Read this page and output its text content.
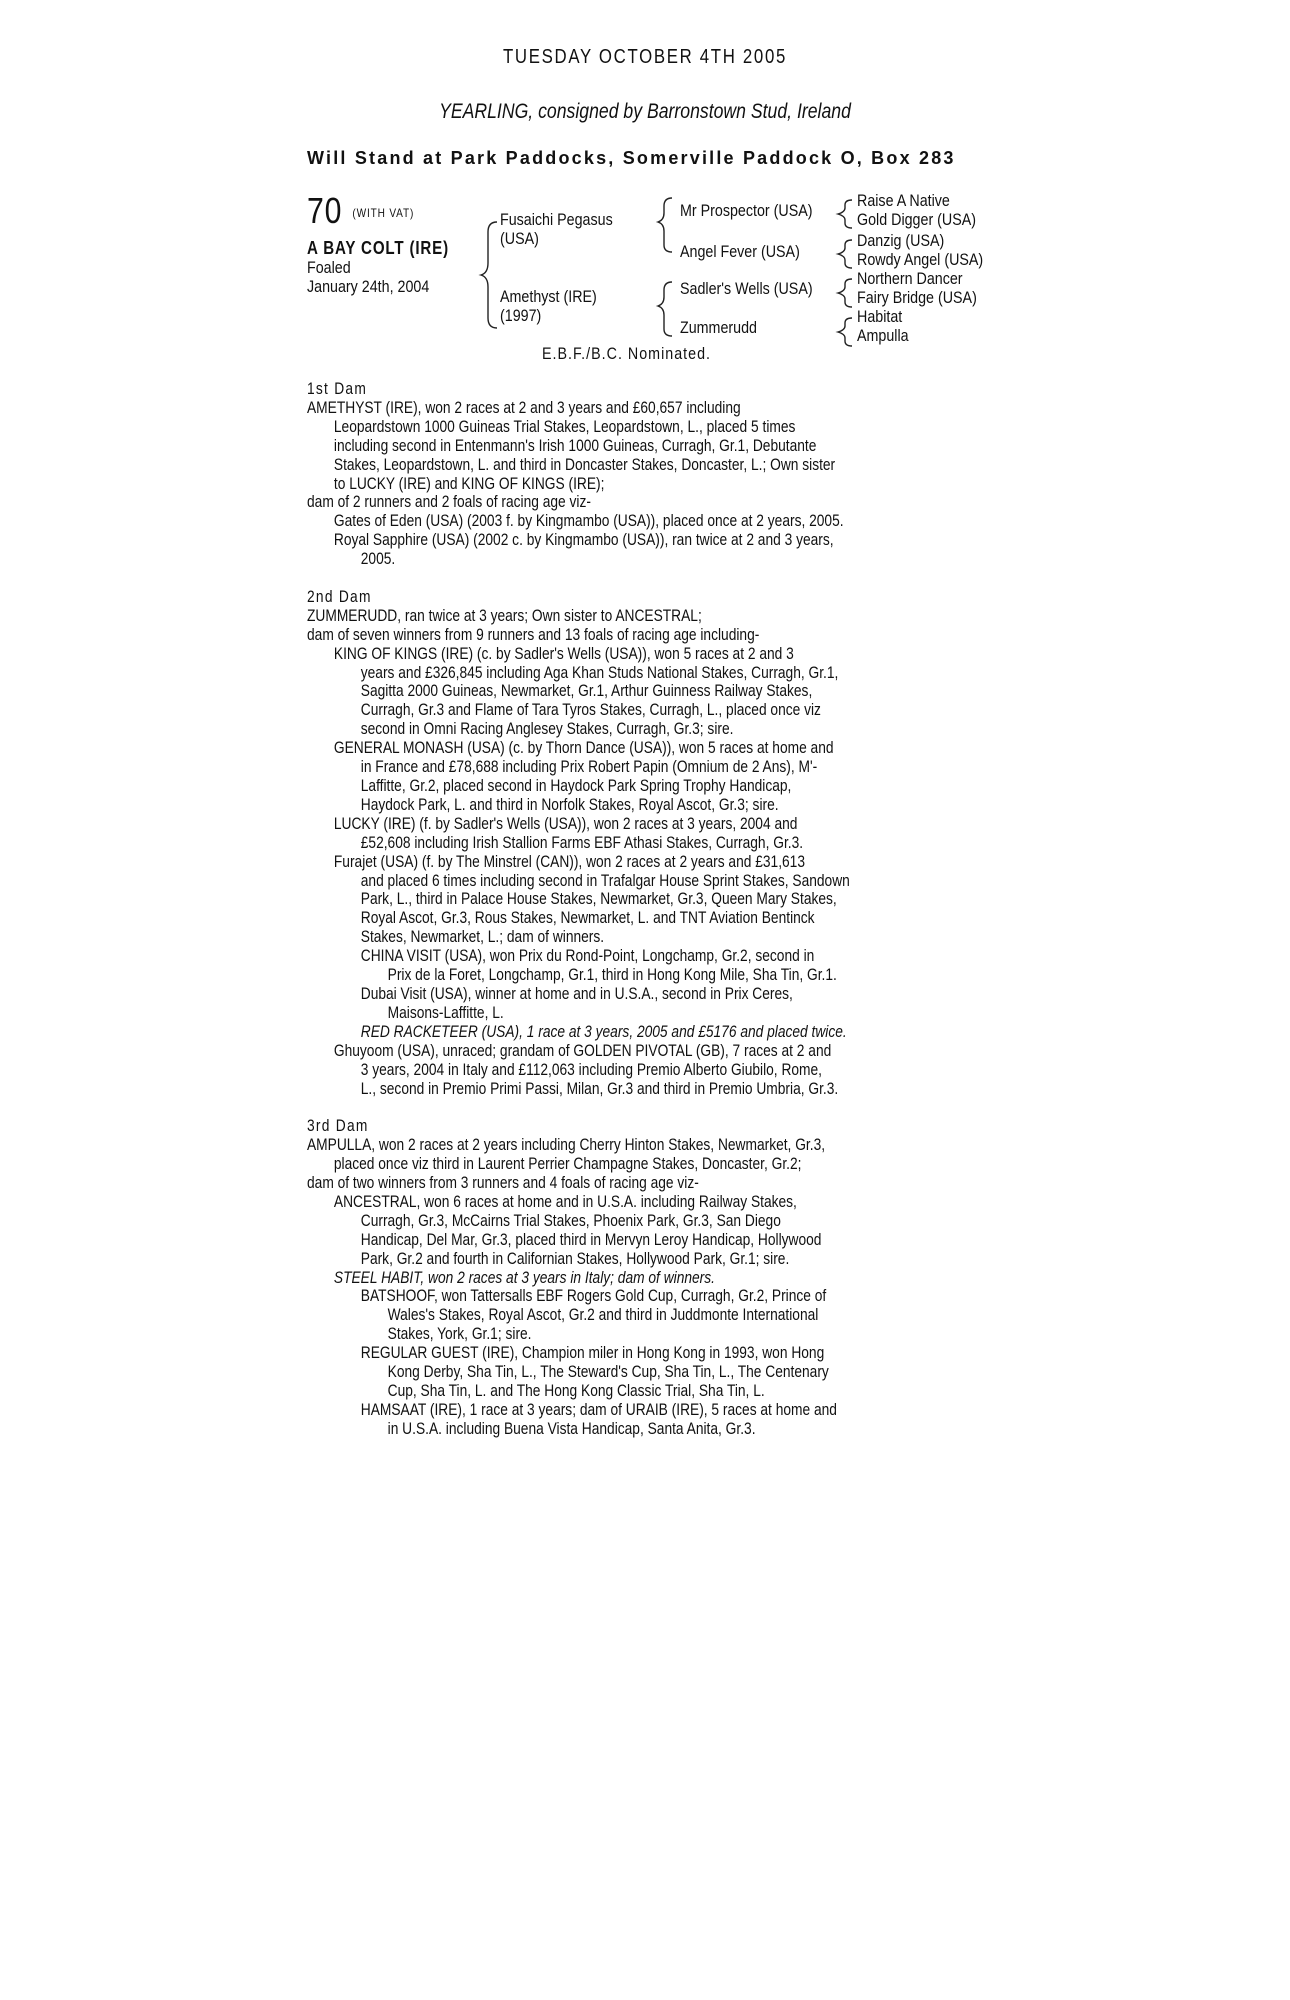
TUESDAY OCTOBER 4TH 2005
YEARLING, consigned by Barronstown Stud, Ireland
Will Stand at Park Paddocks, Somerville Paddock O, Box 283
70 $^{(WITH VAT)}$
A BAY COLT (IRE)
Foaled
January 24th, 2004
Fusaichi Pegasus
(USA)
Amethyst (IRE)
(1997)
Mr Prospector (USA)
Angel Fever (USA)
Sadler's Wells (USA)
Zummerudd
Raise A Native
Gold Digger (USA)
Danzig (USA)
Rowdy Angel (USA)
Northern Dancer
Fairy Bridge (USA)
Habitat
Ampulla
E.B.F./B.C. Nominated.
1st Dam
AMETHYST (IRE), won 2 races at 2 and 3 years and £60,657 including
Leopardstown 1000 Guineas Trial Stakes, Leopardstown, L., placed 5 times
including second in Entenmann's Irish 1000 Guineas, Curragh, Gr.1, Debutante
Stakes, Leopardstown, L. and third in Doncaster Stakes, Doncaster, L.; Own sister
to LUCKY (IRE) and KING OF KINGS (IRE);
dam of 2 runners and 2 foals of racing age viz-
Gates of Eden (USA) (2003 f. by Kingmambo (USA)), placed once at 2 years, 2005.
Royal Sapphire (USA) (2002 c. by Kingmambo (USA)), ran twice at 2 and 3 years,
2005.
2nd Dam
ZUMMERUDD, ran twice at 3 years; Own sister to ANCESTRAL;
dam of seven winners from 9 runners and 13 foals of racing age including-
KING OF KINGS (IRE) (c. by Sadler's Wells (USA)), won 5 races at 2 and 3
years and £326,845 including Aga Khan Studs National Stakes, Curragh, Gr.1,
Sagitta 2000 Guineas, Newmarket, Gr.1, Arthur Guinness Railway Stakes,
Curragh, Gr.3 and Flame of Tara Tyros Stakes, Curragh, L., placed once viz
second in Omni Racing Anglesey Stakes, Curragh, Gr.3; sire.
GENERAL MONASH (USA) (c. by Thorn Dance (USA)), won 5 races at home and
in France and £78,688 including Prix Robert Papin (Omnium de 2 Ans), M'-
Laffitte, Gr.2, placed second in Haydock Park Spring Trophy Handicap,
Haydock Park, L. and third in Norfolk Stakes, Royal Ascot, Gr.3; sire.
LUCKY (IRE) (f. by Sadler's Wells (USA)), won 2 races at 3 years, 2004 and
£52,608 including Irish Stallion Farms EBF Athasi Stakes, Curragh, Gr.3.
Furajet (USA) (f. by The Minstrel (CAN)), won 2 races at 2 years and £31,613
and placed 6 times including second in Trafalgar House Sprint Stakes, Sandown
Park, L., third in Palace House Stakes, Newmarket, Gr.3, Queen Mary Stakes,
Royal Ascot, Gr.3, Rous Stakes, Newmarket, L. and TNT Aviation Bentinck
Stakes, Newmarket, L.; dam of winners.
CHINA VISIT (USA), won Prix du Rond-Point, Longchamp, Gr.2, second in
Prix de la Foret, Longchamp, Gr.1, third in Hong Kong Mile, Sha Tin, Gr.1.
Dubai Visit (USA), winner at home and in U.S.A., second in Prix Ceres,
Maisons-Laffitte, L.
RED RACKETEER (USA), 1 race at 3 years, 2005 and £5176 and placed twice.
Ghuyoom (USA), unraced; grandam of GOLDEN PIVOTAL (GB), 7 races at 2 and
3 years, 2004 in Italy and £112,063 including Premio Alberto Giubilo, Rome,
L., second in Premio Primi Passi, Milan, Gr.3 and third in Premio Umbria, Gr.3.
3rd Dam
AMPULLA, won 2 races at 2 years including Cherry Hinton Stakes, Newmarket, Gr.3,
placed once viz third in Laurent Perrier Champagne Stakes, Doncaster, Gr.2;
dam of two winners from 3 runners and 4 foals of racing age viz-
ANCESTRAL, won 6 races at home and in U.S.A. including Railway Stakes,
Curragh, Gr.3, McCairns Trial Stakes, Phoenix Park, Gr.3, San Diego
Handicap, Del Mar, Gr.3, placed third in Mervyn Leroy Handicap, Hollywood
Park, Gr.2 and fourth in Californian Stakes, Hollywood Park, Gr.1; sire.
STEEL HABIT, won 2 races at 3 years in Italy; dam of winners.
BATSHOOF, won Tattersalls EBF Rogers Gold Cup, Curragh, Gr.2, Prince of
Wales's Stakes, Royal Ascot, Gr.2 and third in Juddmonte International
Stakes, York, Gr.1; sire.
REGULAR GUEST (IRE), Champion miler in Hong Kong in 1993, won Hong
Kong Derby, Sha Tin, L., The Steward's Cup, Sha Tin, L., The Centenary
Cup, Sha Tin, L. and The Hong Kong Classic Trial, Sha Tin, L.
HAMSAAT (IRE), 1 race at 3 years; dam of URAIB (IRE), 5 races at home and
in U.S.A. including Buena Vista Handicap, Santa Anita, Gr.3.
